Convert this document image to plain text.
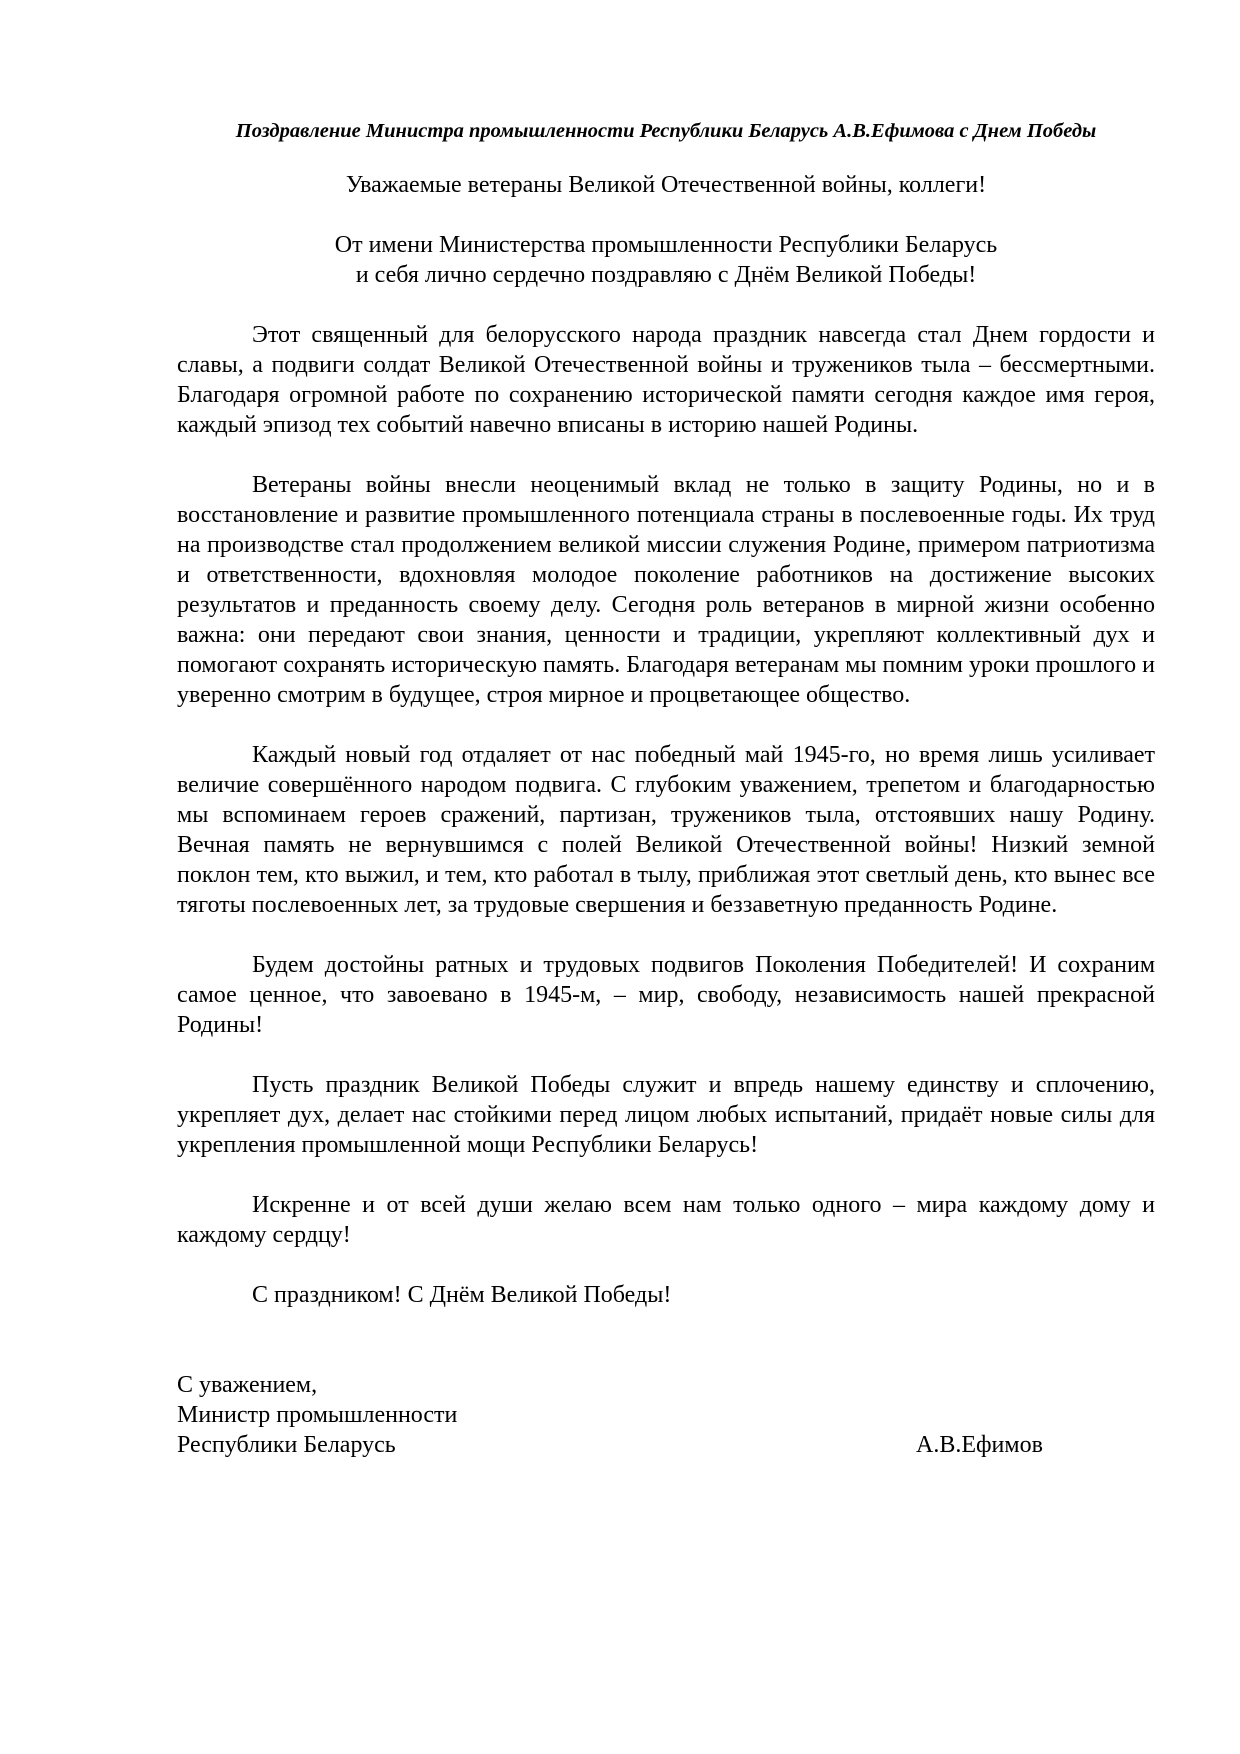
Поздравление Министра промышленности Республики Беларусь А.В.Ефимова с Днем Победы

Уважаемые ветераны Великой Отечественной войны, коллеги!

От имени Министерства промышленности Республики Беларусь
и себя лично сердечно поздравляю с Днём Великой Победы!

Этот священный для белорусского народа праздник навсегда стал Днем гордости и славы, а подвиги солдат Великой Отечественной войны и тружеников тыла – бессмертными. Благодаря огромной работе по сохранению исторической памяти сегодня каждое имя героя, каждый эпизод тех событий навечно вписаны в историю нашей Родины.

Ветераны войны внесли неоценимый вклад не только в защиту Родины, но и в восстановление и развитие промышленного потенциала страны в послевоенные годы. Их труд на производстве стал продолжением великой миссии служения Родине, примером патриотизма и ответственности, вдохновляя молодое поколение работников на достижение высоких результатов и преданность своему делу. Сегодня роль ветеранов в мирной жизни особенно важна: они передают свои знания, ценности и традиции, укрепляют коллективный дух и помогают сохранять историческую память. Благодаря ветеранам мы помним уроки прошлого и уверенно смотрим в будущее, строя мирное и процветающее общество.

Каждый новый год отдаляет от нас победный май 1945-го, но время лишь усиливает величие совершённого народом подвига. С глубоким уважением, трепетом и благодарностью мы вспоминаем героев сражений, партизан, тружеников тыла, отстоявших нашу Родину. Вечная память не вернувшимся с полей Великой Отечественной войны! Низкий земной поклон тем, кто выжил, и тем, кто работал в тылу, приближая этот светлый день, кто вынес все тяготы послевоенных лет, за трудовые свершения и беззаветную преданность Родине.

Будем достойны ратных и трудовых подвигов Поколения Победителей! И сохраним самое ценное, что завоевано в 1945-м, – мир, свободу, независимость нашей прекрасной Родины!

Пусть праздник Великой Победы служит и впредь нашему единству и сплочению, укрепляет дух, делает нас стойкими перед лицом любых испытаний, придаёт новые силы для укрепления промышленной мощи Республики Беларусь!

Искренне и от всей души желаю всем нам только одного – мира каждому дому и каждому сердцу!

С праздником! С Днём Великой Победы!

С уважением,
Министр промышленности
Республики Беларусь	А.В.Ефимов
